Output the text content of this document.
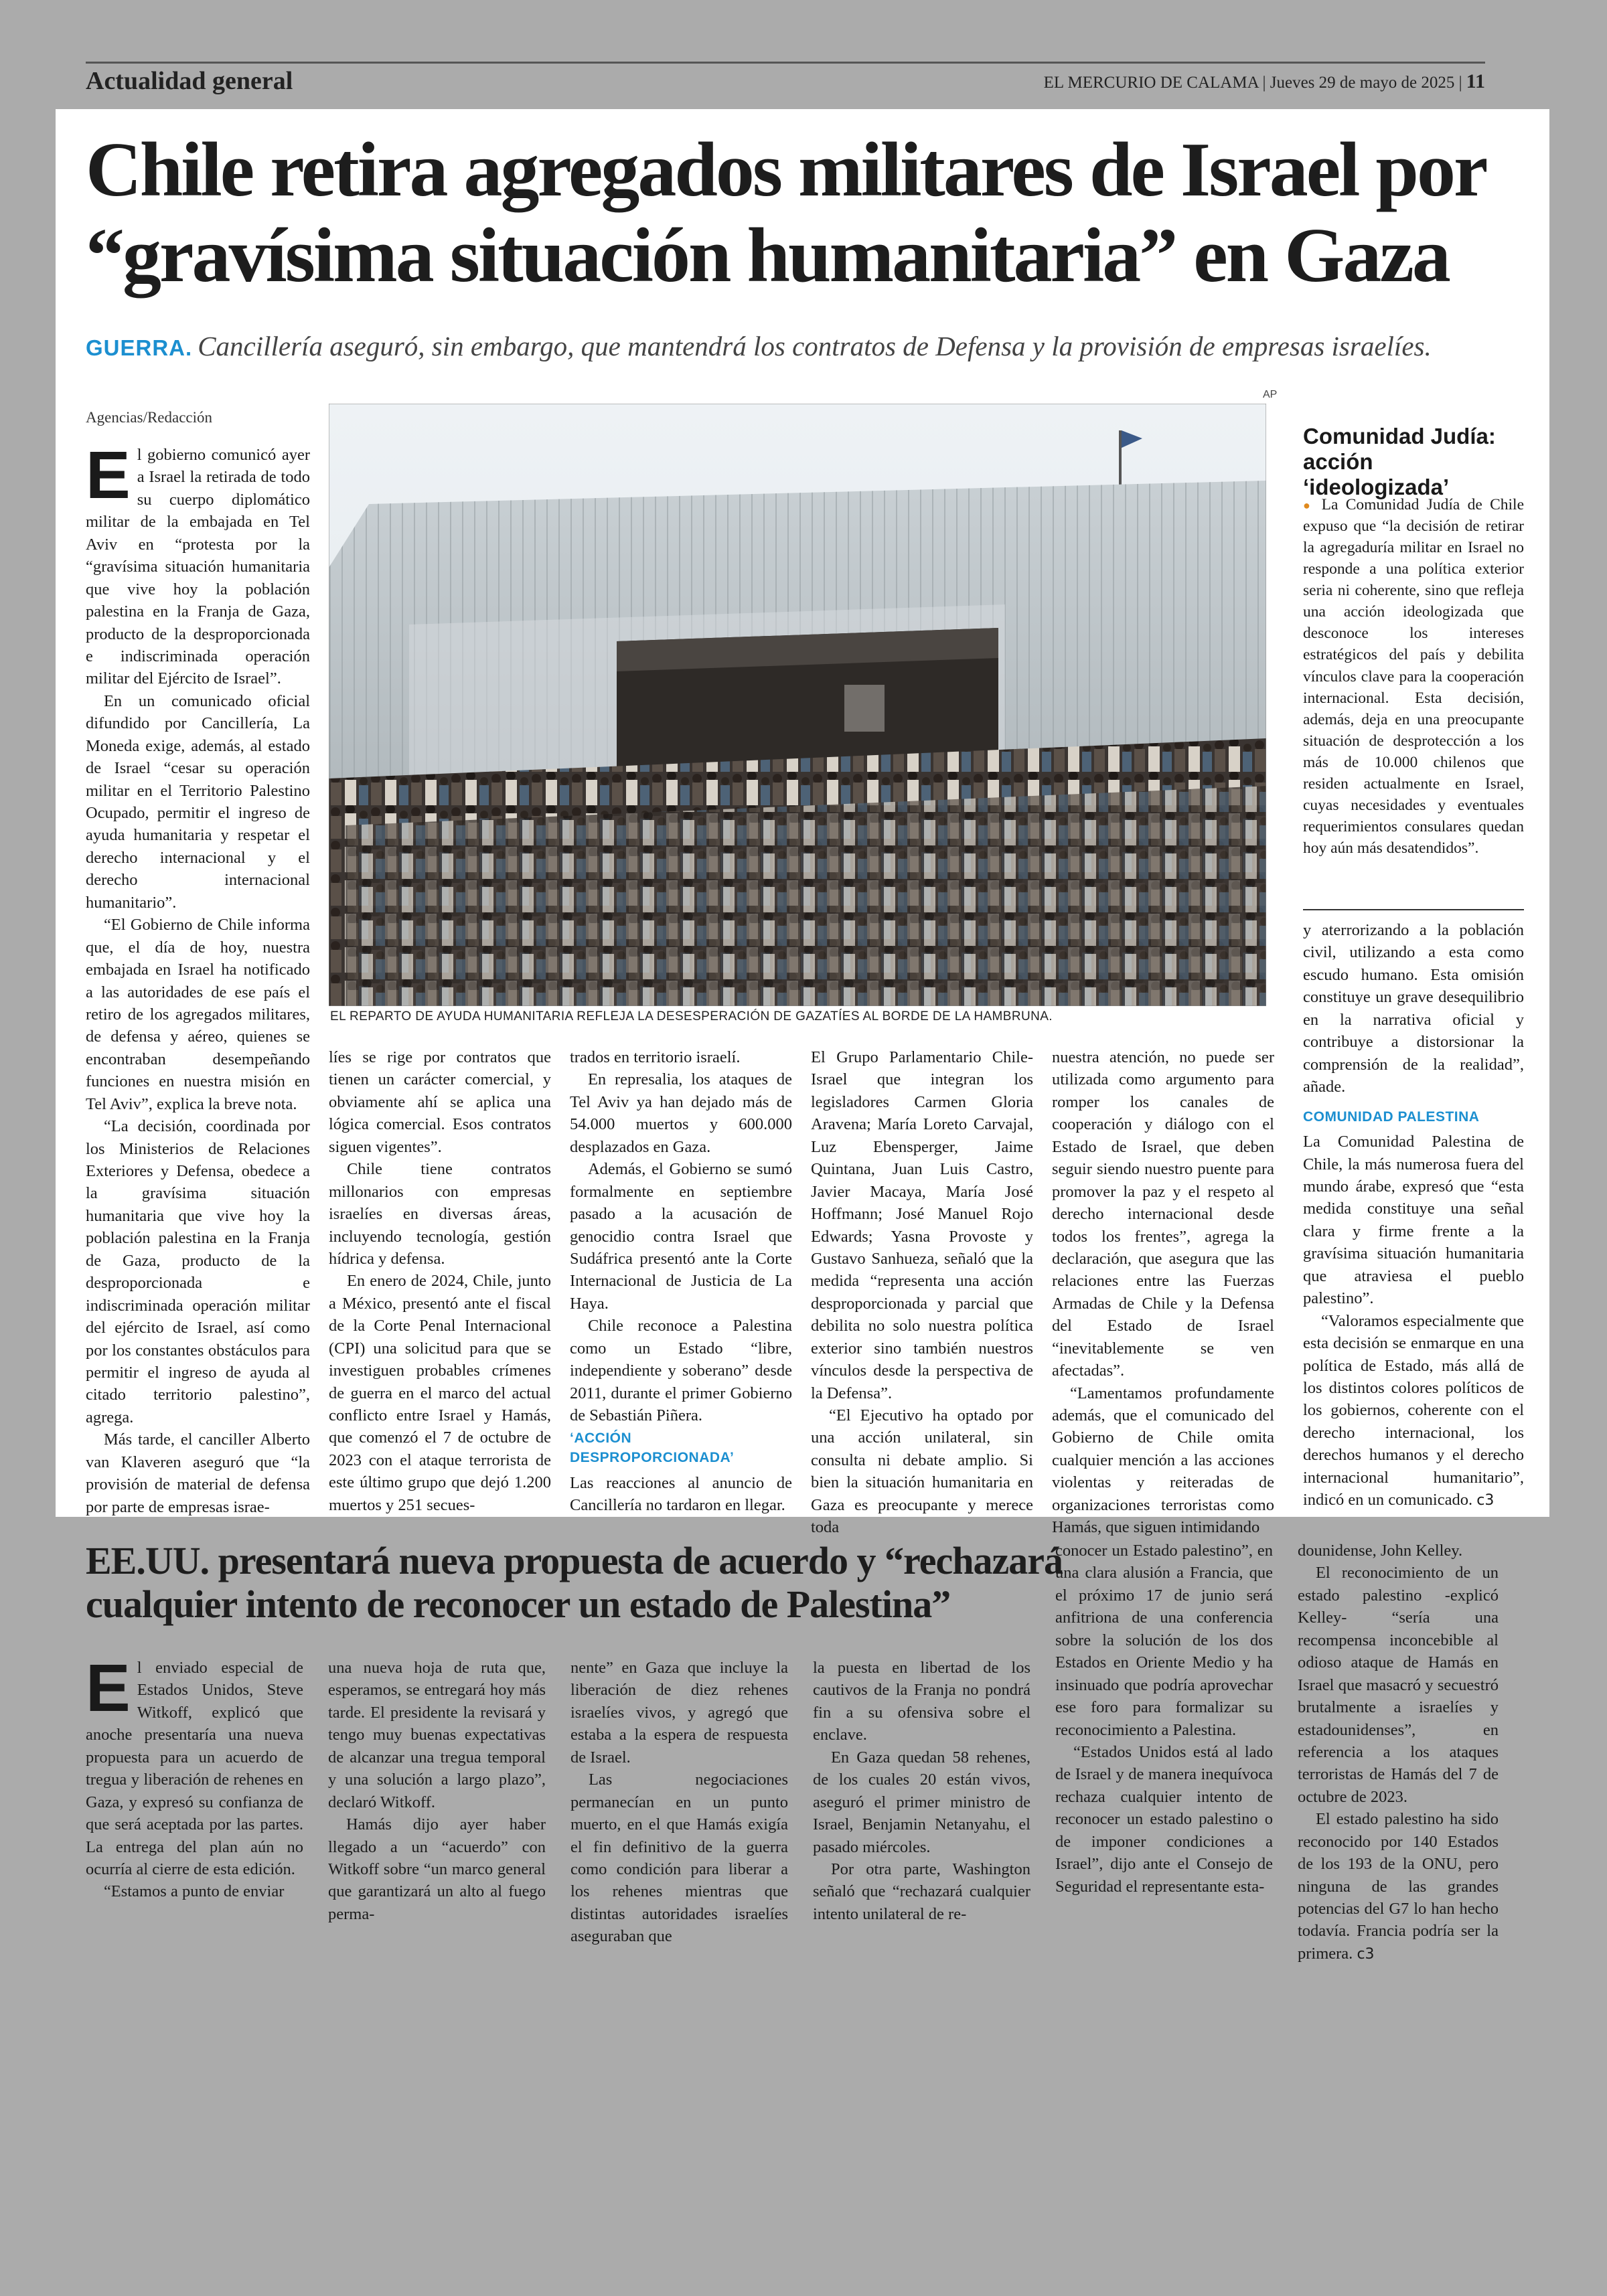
Actualidad general	EL MERCURIO DE CALAMA | Jueves 29 de mayo de 2025 | 11
Chile retira agregados militares de Israel por “gravísima situación humanitaria” en Gaza
GUERRA. Cancillería aseguró, sin embargo, que mantendrá los contratos de Defensa y la provisión de empresas israelíes.
Agencias/Redacción

El gobierno comunicó ayer a Israel la retirada de todo su cuerpo diplomático militar de la embajada en Tel Aviv en “protesta por la “gravísima situación humanitaria que vive hoy la población palestina en la Franja de Gaza, producto de la desproporcionada e indiscriminada operación militar del Ejército de Israel”.

En un comunicado oficial difundido por Cancillería, La Moneda exige, además, al estado de Israel “cesar su operación militar en el Territorio Palestino Ocupado, permitir el ingreso de ayuda humanitaria y respetar el derecho internacional y el derecho internacional humanitario”.

“El Gobierno de Chile informa que, el día de hoy, nuestra embajada en Israel ha notificado a las autoridades de ese país el retiro de los agregados militares, de defensa y aéreo, quienes se encontraban desempeñando funciones en nuestra misión en Tel Aviv”, explica la breve nota.

“La decisión, coordinada por los Ministerios de Relaciones Exteriores y Defensa, obedece a la gravísima situación humanitaria que vive hoy la población palestina en la Franja de Gaza, producto de la desproporcionada e indiscriminada operación militar del ejército de Israel, así como por los constantes obstáculos para permitir el ingreso de ayuda al citado territorio palestino”, agrega.

Más tarde, el canciller Alberto van Klaveren aseguró que “la provisión de material de defensa por parte de empresas israe-

AP
EL REPARTO DE AYUDA HUMANITARIA REFLEJA LA DESESPERACIÓN DE GAZATÍES AL BORDE DE LA HAMBRUNA.

líes se rige por contratos que tienen un carácter comercial, y obviamente ahí se aplica una lógica comercial. Esos contratos siguen vigentes”.

Chile tiene contratos millonarios con empresas israelíes en diversas áreas, incluyendo tecnología, gestión hídrica y defensa.

En enero de 2024, Chile, junto a México, presentó ante el fiscal de la Corte Penal Internacional (CPI) una solicitud para que se investiguen probables crímenes de guerra en el marco del actual conflicto entre Israel y Hamás, que comenzó el 7 de octubre de 2023 con el ataque terrorista de este último grupo que dejó 1.200 muertos y 251 secues-

trados en territorio israelí.

En represalia, los ataques de Tel Aviv ya han dejado más de 54.000 muertos y 600.000 desplazados en Gaza.

Además, el Gobierno se sumó formalmente en septiembre pasado a la acusación de genocidio contra Israel que Sudáfrica presentó ante la Corte Internacional de Justicia de La Haya.

Chile reconoce a Palestina como un Estado “libre, independiente y soberano” desde 2011, durante el primer Gobierno de Sebastián Piñera.

‘ACCIÓN DESPROPORCIONADA’

Las reacciones al anuncio de Cancillería no tardaron en llegar.

El Grupo Parlamentario Chile-Israel que integran los legisladores Carmen Gloria Aravena; María Loreto Carvajal, Luz Ebensperger, Jaime Quintana, Juan Luis Castro, Javier Macaya, María José Hoffmann; José Manuel Rojo Edwards; Yasna Provoste y Gustavo Sanhueza, señaló que la medida “representa una acción desproporcionada y parcial que debilita no solo nuestra política exterior sino también nuestros vínculos desde la perspectiva de la Defensa”.

“El Ejecutivo ha optado por una acción unilateral, sin consulta ni debate amplio. Si bien la situación humanitaria en Gaza es preocupante y merece toda

nuestra atención, no puede ser utilizada como argumento para romper los canales de cooperación y diálogo con el Estado de Israel, que deben seguir siendo nuestro puente para promover la paz y el respeto al derecho internacional desde todos los frentes”, agrega la declaración, que asegura que las relaciones entre las Fuerzas Armadas de Chile y la Defensa del Estado de Israel “inevitablemente se ven afectadas”.

“Lamentamos profundamente además, que el comunicado del Gobierno de Chile omita cualquier mención a las acciones violentas y reiteradas de organizaciones terroristas como Hamás, que siguen intimidando

Comunidad Judía: acción ‘ideologizada’

● La Comunidad Judía de Chile expuso que “la decisión de retirar la agregaduría militar en Israel no responde a una política exterior seria ni coherente, sino que refleja una acción ideologizada que desconoce los intereses estratégicos del país y debilita vínculos clave para la cooperación internacional. Esta decisión, además, deja en una preocupante situación de desprotección a los más de 10.000 chilenos que residen actualmente en Israel, cuyas necesidades y eventuales requerimientos consulares quedan hoy aún más desatendidos”.

y aterrorizando a la población civil, utilizando a esta como escudo humano. Esta omisión constituye un grave desequilibrio en la narrativa oficial y contribuye a distorsionar la comprensión de la realidad”, añade.

COMUNIDAD PALESTINA

La Comunidad Palestina de Chile, la más numerosa fuera del mundo árabe, expresó que “esta medida constituye una señal clara y firme frente a la gravísima situación humanitaria que atraviesa el pueblo palestino”.

“Valoramos especialmente que esta decisión se enmarque en una política de Estado, más allá de los distintos colores políticos de los gobiernos, coherente con el derecho internacional, los derechos humanos y el derecho internacional humanitario”, indicó en un comunicado. c3

EE.UU. presentará nueva propuesta de acuerdo y “rechazará cualquier intento de reconocer un estado de Palestina”

El enviado especial de Estados Unidos, Steve Witkoff, explicó que anoche presentaría una nueva propuesta para un acuerdo de tregua y liberación de rehenes en Gaza, y expresó su confianza de que será aceptada por las partes. La entrega del plan aún no ocurría al cierre de esta edición.

“Estamos a punto de enviar

una nueva hoja de ruta que, esperamos, se entregará hoy más tarde. El presidente la revisará y tengo muy buenas expectativas de alcanzar una tregua temporal y una solución a largo plazo”, declaró Witkoff.

Hamás dijo ayer haber llegado a un “acuerdo” con Witkoff sobre “un marco general que garantizará un alto al fuego perma-

nente” en Gaza que incluye la liberación de diez rehenes israelíes vivos, y agregó que estaba a la espera de respuesta de Israel.

Las negociaciones permanecían en un punto muerto, en el que Hamás exigía el fin definitivo de la guerra como condición para liberar a los rehenes mientras que distintas autoridades israelíes aseguraban que

la puesta en libertad de los cautivos de la Franja no pondrá fin a su ofensiva sobre el enclave.

En Gaza quedan 58 rehenes, de los cuales 20 están vivos, aseguró el primer ministro de Israel, Benjamin Netanyahu, el pasado miércoles.

Por otra parte, Washington señaló que “rechazará cualquier intento unilateral de re-

conocer un Estado palestino”, en una clara alusión a Francia, que el próximo 17 de junio será anfitriona de una conferencia sobre la solución de los dos Estados en Oriente Medio y ha insinuado que podría aprovechar ese foro para formalizar su reconocimiento a Palestina.

“Estados Unidos está al lado de Israel y de manera inequívoca rechaza cualquier intento de reconocer un estado palestino o de imponer condiciones a Israel”, dijo ante el Consejo de Seguridad el representante esta-

dounidense, John Kelley.

El reconocimiento de un estado palestino -explicó Kelley- “sería una recompensa inconcebible al odioso ataque de Hamás en Israel que masacró y secuestró brutalmente a israelíes y estadounidenses”, en referencia a los ataques terroristas de Hamás del 7 de octubre de 2023.

El estado palestino ha sido reconocido por 140 Estados de los 193 de la ONU, pero ninguna de las grandes potencias del G7 lo han hecho todavía. Francia podría ser la primera. c3
